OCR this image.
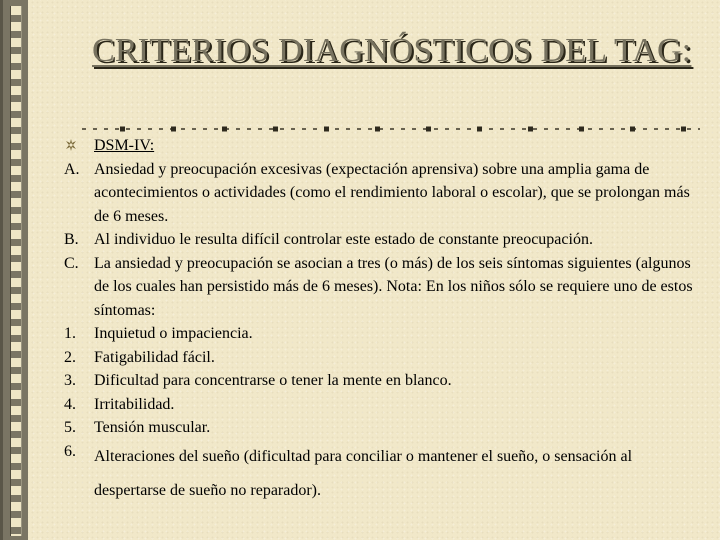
CRITERIOS DIAGNÓSTICOS DEL TAG:
DSM-IV:
A. Ansiedad y preocupación excesivas (expectación aprensiva) sobre una amplia gama de acontecimientos o actividades (como el rendimiento laboral o escolar), que se prolongan más de 6 meses.
B. Al individuo le resulta difícil controlar este estado de constante preocupación.
C. La ansiedad y preocupación se asocian a tres (o más) de los seis síntomas siguientes (algunos de los cuales han persistido más de 6 meses). Nota: En los niños sólo se requiere uno de estos síntomas:
1.	Inquietud o impaciencia.
2.	Fatigabilidad fácil.
3.	Dificultad para concentrarse o tener la mente en blanco.
4.	Irritabilidad.
5.	Tensión muscular.
6.	Alteraciones del sueño (dificultad para conciliar o mantener el sueño, o sensación al despertarse de sueño no reparador).
